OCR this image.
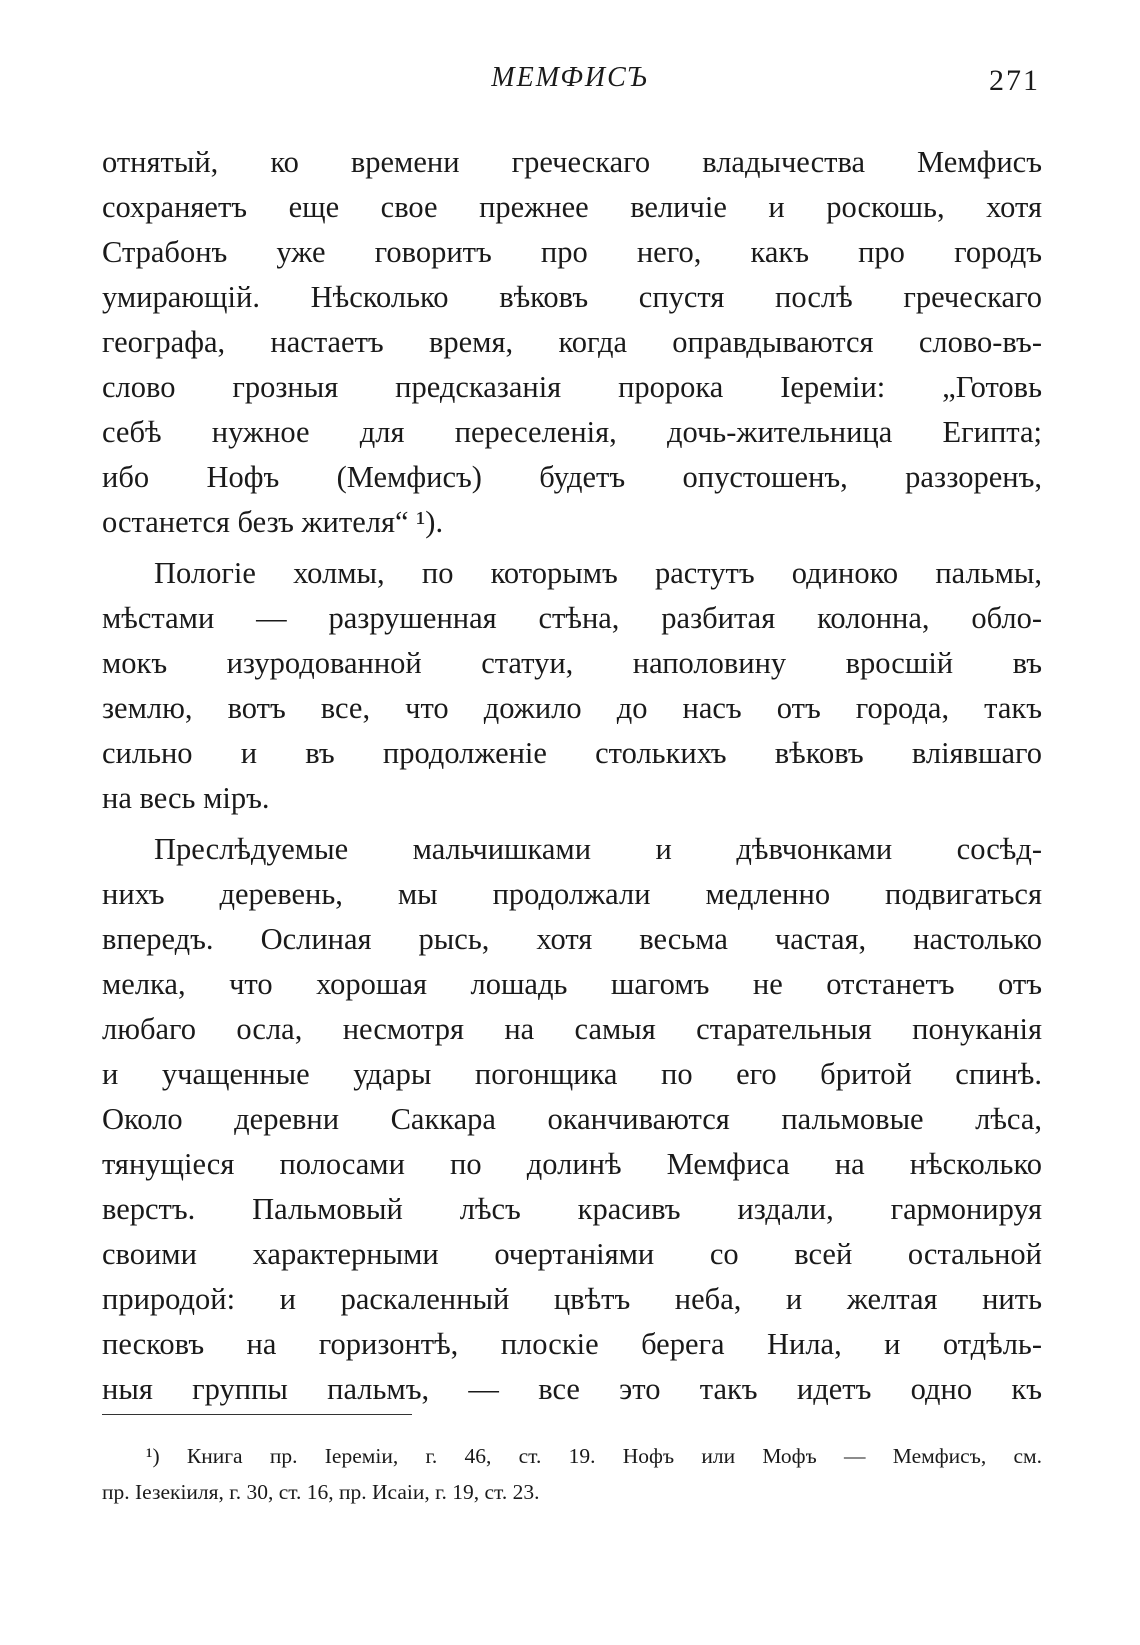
МЕМФИСЪ	271
отнятый, ко времени греческаго владычества Мемфисъ
сохраняетъ еще свое прежнее величіе и роскошь, хотя
Страбонъ уже говоритъ про него, какъ про городъ
умирающій. Нѣсколько вѣковъ спустя послѣ греческаго
географа, настаетъ время, когда оправдываются слово-въ-
слово грозныя предсказанія пророка Іереміи: „Готовь
себѣ нужное для переселенія, дочь-жительница Египта;
ибо Нофъ (Мемфисъ) будетъ опустошенъ, раззоренъ,
останется безъ жителя“ ¹).
Пологіе холмы, по которымъ растутъ одиноко пальмы,
мѣстами — разрушенная стѣна, разбитая колонна, обло-
мокъ изуродованной статуи, наполовину вросшій въ
землю, вотъ все, что дожило до насъ отъ города, такъ
сильно и въ продолженіе столькихъ вѣковъ вліявшаго
на весь міръ.
Преслѣдуемые мальчишками и дѣвчонками сосѣд-
нихъ деревень, мы продолжали медленно подвигаться
впередъ. Ослиная рысь, хотя весьма частая, настолько
мелка, что хорошая лошадь шагомъ не отстанетъ отъ
любаго осла, несмотря на самыя старательныя понуканія
и учащенные удары погонщика по его бритой спинѣ.
Около деревни Саккара оканчиваются пальмовые лѣса,
тянущіеся полосами по долинѣ Мемфиса на нѣсколько
верстъ. Пальмовый лѣсъ красивъ издали, гармонируя
своими характерными очертаніями со всей остальной
природой: и раскаленный цвѣтъ неба, и желтая нить
песковъ на горизонтѣ, плоскіе берега Нила, и отдѣль-
ныя группы пальмъ, — все это такъ идетъ одно къ
¹) Книга пр. Іереміи, г. 46, ст. 19. Нофъ или Мофъ — Мемфисъ, см.
пр. Іезекіиля, г. 30, ст. 16, пр. Исаіи, г. 19, ст. 23.
